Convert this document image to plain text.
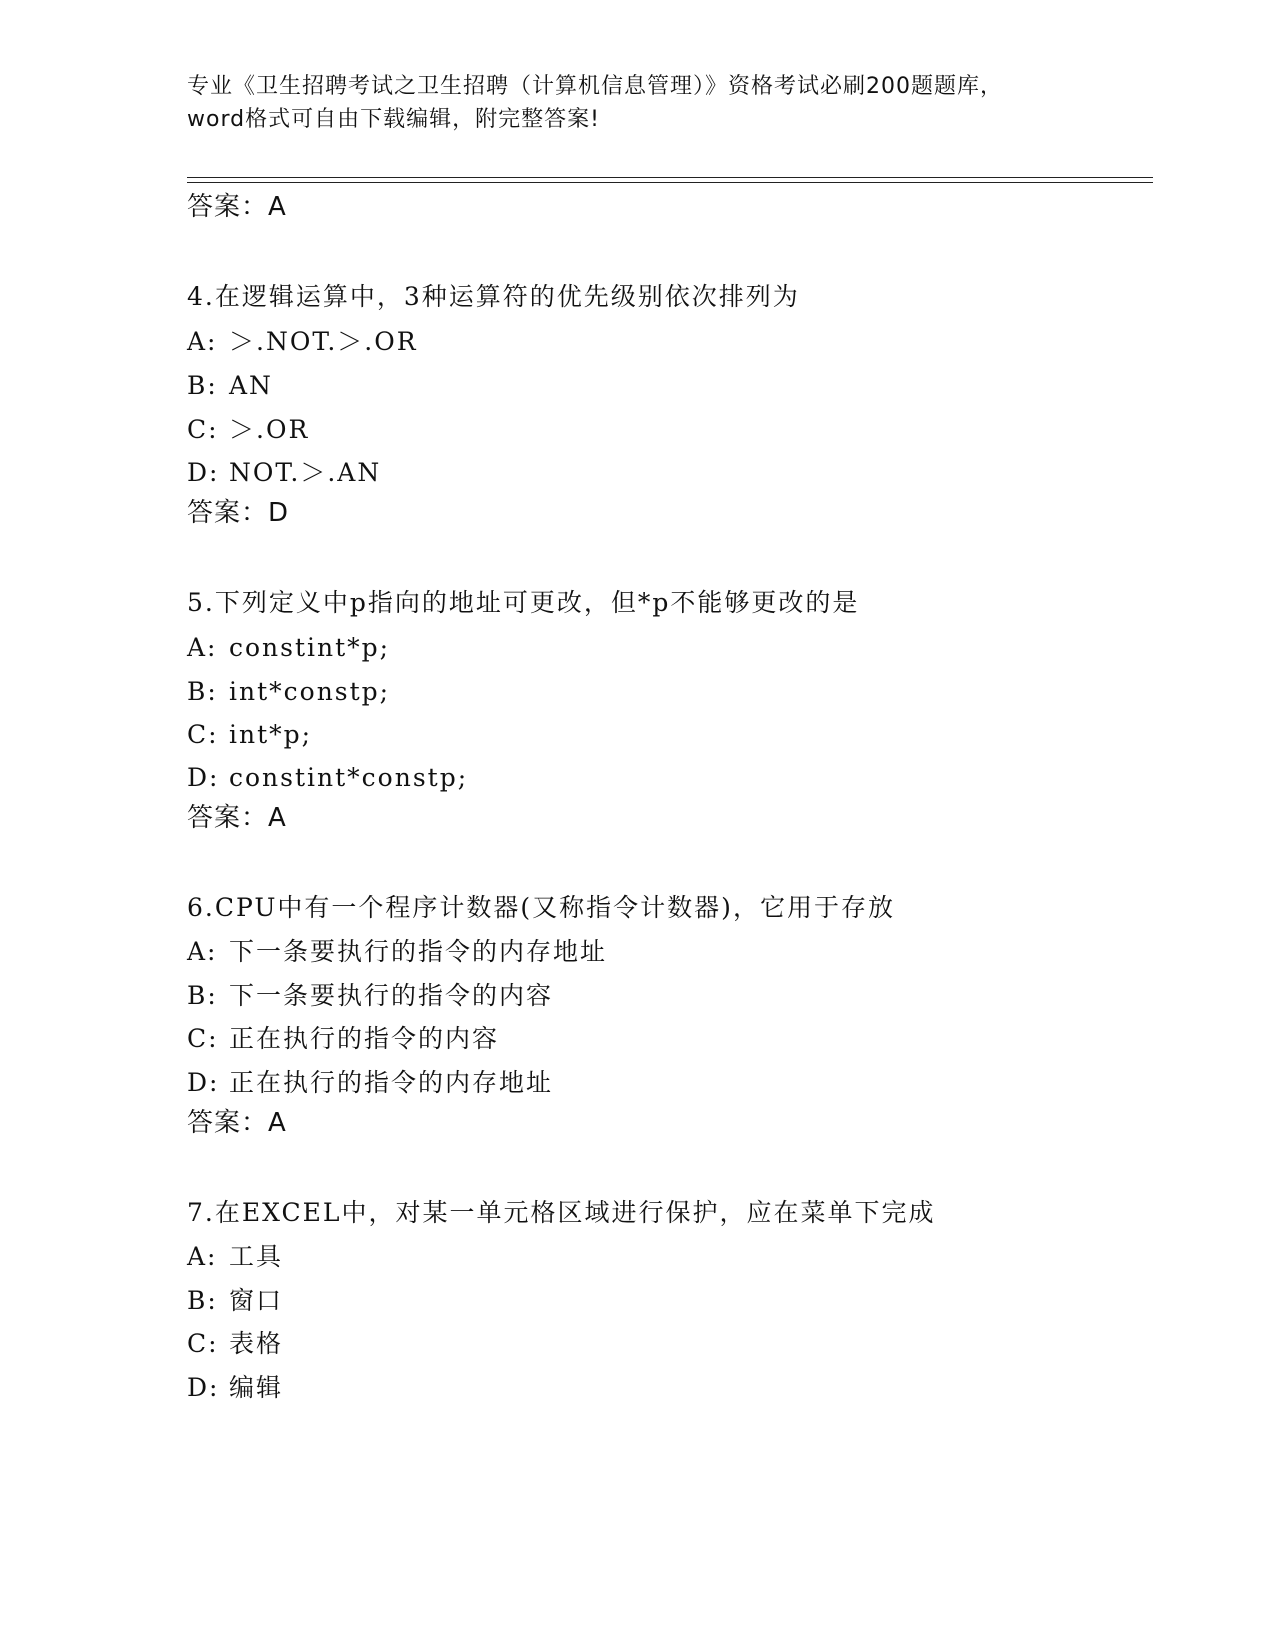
专业《卫生招聘考试之卫生招聘（计算机信息管理）》资格考试必刷200题题库，
word格式可自由下载编辑，附完整答案!
答案：A
4.在逻辑运算中，3种运算符的优先级别依次排列为
A: ＞.NOT.＞.OR
B: AN
C: ＞.OR
D: NOT.＞.AN
答案：D
5.下列定义中p指向的地址可更改，但*p不能够更改的是
A: constint*p;
B: int*constp;
C: int*p;
D: constint*constp;
答案：A
6.CPU中有一个程序计数器(又称指令计数器)，它用于存放
A: 下一条要执行的指令的内存地址
B: 下一条要执行的指令的内容
C: 正在执行的指令的内容
D: 正在执行的指令的内存地址
答案：A
7.在EXCEL中，对某一单元格区域进行保护，应在菜单下完成
A: 工具
B: 窗口
C: 表格
D: 编辑
